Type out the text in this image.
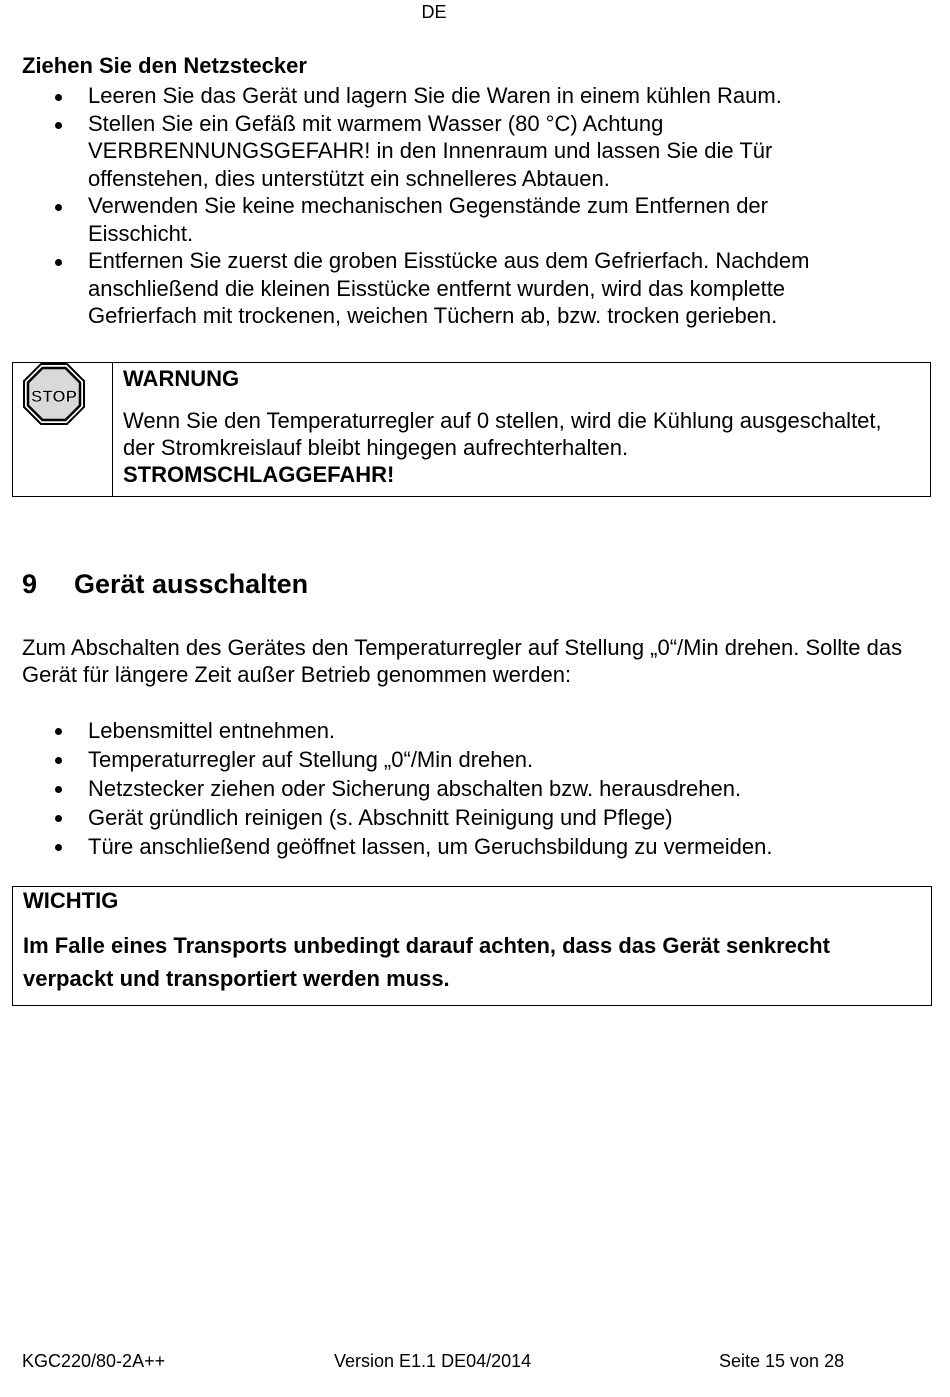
DE
Ziehen Sie den Netzstecker
Leeren Sie das Gerät und lagern Sie die Waren in einem kühlen Raum.
Stellen Sie ein Gefäß mit warmem Wasser (80 °C) Achtung VERBRENNUNGSGEFAHR! in den Innenraum und lassen Sie die Tür offenstehen, dies unterstützt ein schnelleres Abtauen.
Verwenden Sie keine mechanischen Gegenstände zum Entfernen der Eisschicht.
Entfernen Sie zuerst die groben Eisstücke aus dem Gefrierfach. Nachdem anschließend die kleinen Eisstücke entfernt wurden, wird das komplette Gefrierfach mit trockenen, weichen Tüchern ab, bzw. trocken gerieben.
STOP
WARNUNG
Wenn Sie den Temperaturregler auf 0 stellen, wird die Kühlung ausgeschaltet, der Stromkreislauf bleibt hingegen aufrechterhalten.
STROMSCHLAGGEFAHR!
9 Gerät ausschalten
Zum Abschalten des Gerätes den Temperaturregler auf Stellung „0“/Min drehen. Sollte das Gerät für längere Zeit außer Betrieb genommen werden:
Lebensmittel entnehmen.
Temperaturregler auf Stellung „0“/Min drehen.
Netzstecker ziehen oder Sicherung abschalten bzw. herausdrehen.
Gerät gründlich reinigen (s. Abschnitt Reinigung und Pflege)
Türe anschließend geöffnet lassen, um Geruchsbildung zu vermeiden.
WICHTIG
Im Falle eines Transports unbedingt darauf achten, dass das Gerät senkrecht verpackt und transportiert werden muss.
KGC220/80-2A++	Version E1.1 DE04/2014	Seite 15 von 28
